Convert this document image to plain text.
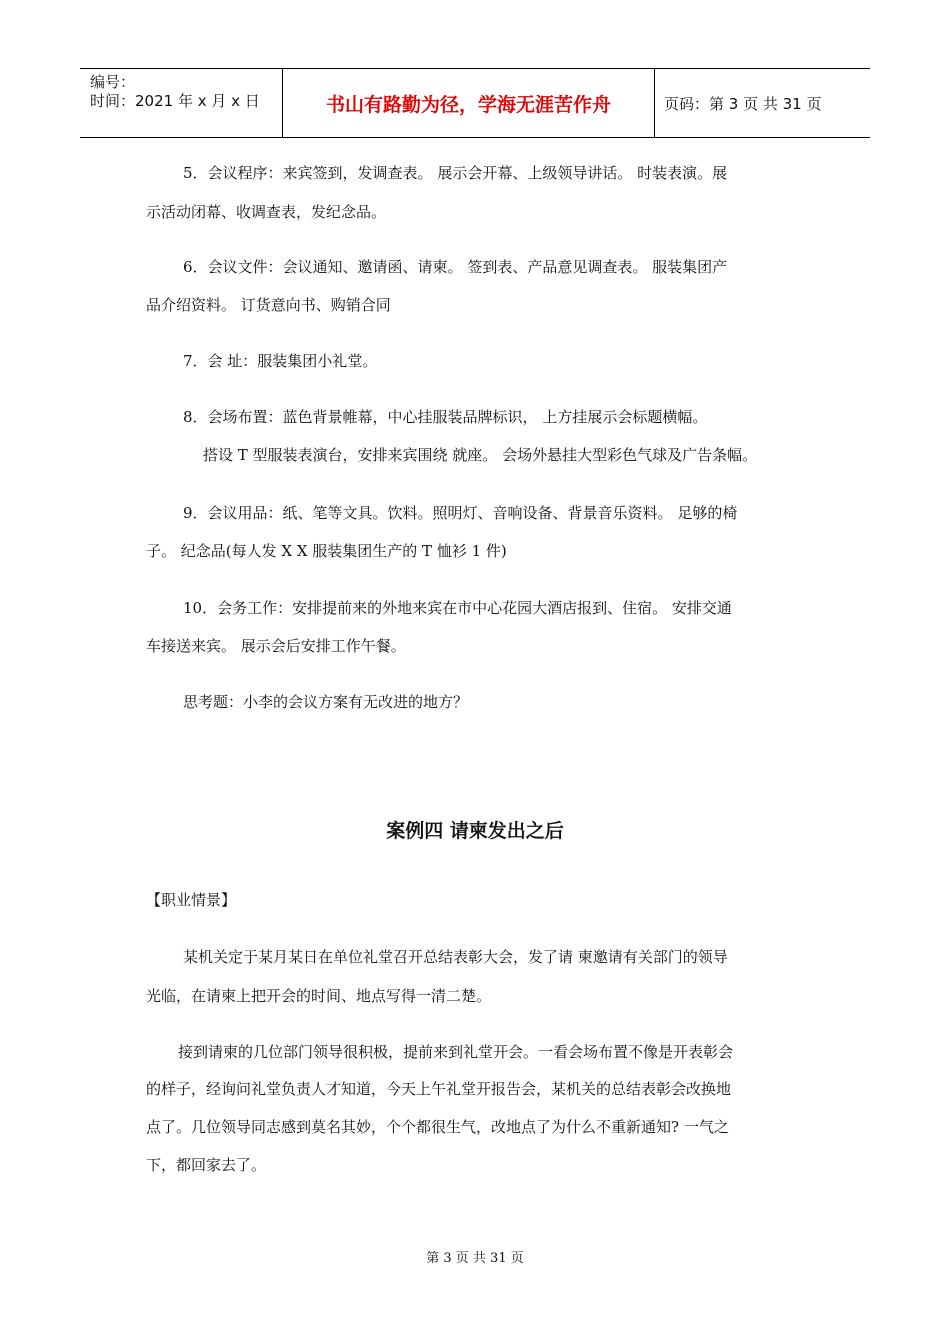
编号：
时间：2021 年 x 月 x 日	书山有路勤为径，学海无涯苦作舟	页码：第 3 页 共 31 页
5．会议程序：来宾签到，发调查表。 展示会开幕、上级领导讲话。 时装表演。展
示活动闭幕、收调查表，发纪念品。
6．会议文件：会议通知、邀请函、请柬。 签到表、产品意见调查表。 服装集团产
品介绍资料。 订货意向书、购销合同
7．会 址：服装集团小礼堂。
8．会场布置：蓝色背景帷幕，中心挂服装品牌标识， 上方挂展示会标题横幅。
搭设 T 型服装表演台，安排来宾围绕 就座。 会场外悬挂大型彩色气球及广告条幅。
9．会议用品：纸、笔等文具。饮料。照明灯、音响设备、背景音乐资料。 足够的椅
子。 纪念品(每人发 X X 服装集团生产的 T 恤衫 1 件)
10．会务工作：安排提前来的外地来宾在市中心花园大酒店报到、住宿。 安排交通
车接送来宾。 展示会后安排工作午餐。
思考题：小李的会议方案有无改进的地方？
案例四 请柬发出之后
【职业情景】
某机关定于某月某日在单位礼堂召开总结表彰大会，发了请 柬邀请有关部门的领导
光临，在请柬上把开会的时间、地点写得一清二楚。
接到请柬的几位部门领导很积极，提前来到礼堂开会。一看会场布置不像是开表彰会
的样子，经询问礼堂负责人才知道，今天上午礼堂开报告会，某机关的总结表彰会改换地
点了。几位领导同志感到莫名其妙，个个都很生气，改地点了为什么不重新通知? 一气之
下，都回家去了。
第 3 页 共 31 页
